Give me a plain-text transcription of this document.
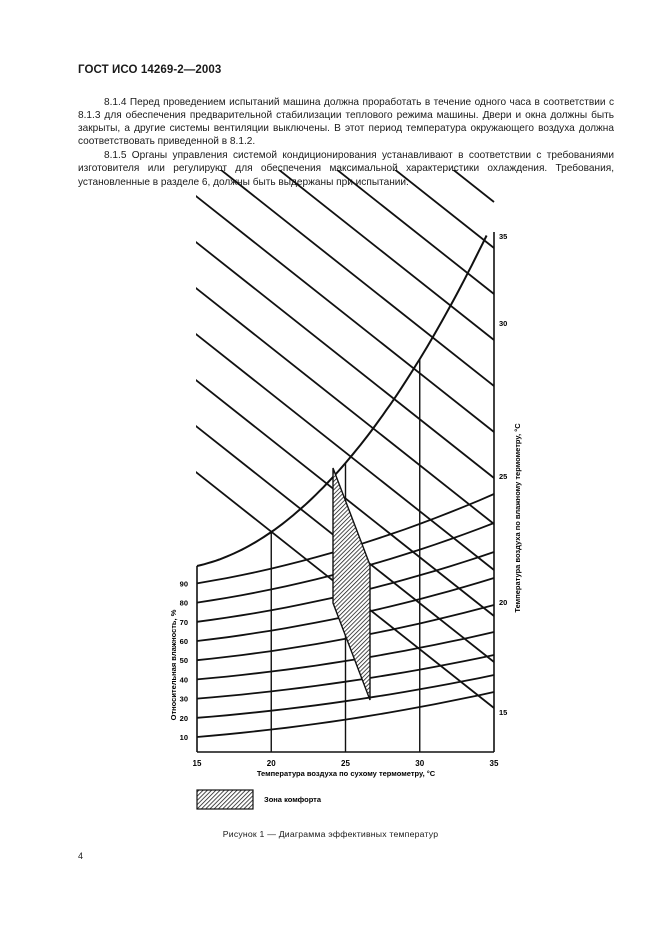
ГОСТ ИСО 14269-2—2003

8.1.4 Перед проведением испытаний машина должна проработать в течение одного часа в соответствии с 8.1.3 для обеспечения предварительной стабилизации теплового режима машины. Двери и окна должны быть закрыты, а другие системы вентиляции выключены. В этот период температура окружающего воздуха должна соответствовать приведенной в 8.1.2.

8.1.5 Органы управления системой кондиционирования устанавливают в соответствии с требованиями изготовителя или регулируют для обеспечения максимальной характеристики охлаждения. Требования, установленные в разделе 6, должны быть выдержаны при испытании.

15	20	25	30	35
10
20
30
40
50
60
70
80
90
15
20
25
30
35
Температура воздуха по сухому термометру, °C
Относительная влажность, %
Температура воздуха по влажному термометру, °C
Зона комфорта
Рисунок 1 — Диаграмма эффективных температур
4
